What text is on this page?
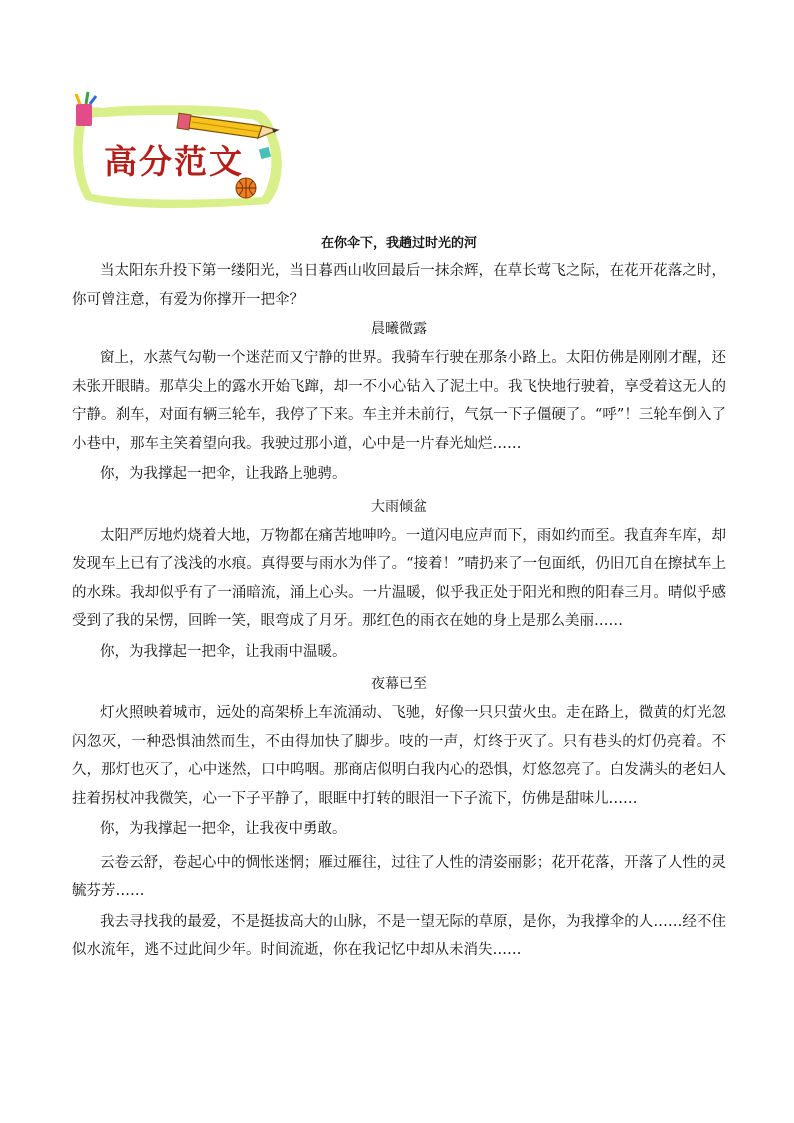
高分范文
在你伞下，我趟过时光的河

当太阳东升投下第一缕阳光，当日暮西山收回最后一抹余辉，在草长莺飞之际，在花开花落之时，你可曾注意，有爱为你撑开一把伞？

晨曦微露

窗上，水蒸气勾勒一个迷茫而又宁静的世界。我骑车行驶在那条小路上。太阳仿佛是刚刚才醒，还未张开眼睛。那草尖上的露水开始飞蹿，却一不小心钻入了泥土中。我飞快地行驶着，享受着这无人的宁静。刹车，对面有辆三轮车，我停了下来。车主并未前行，气氛一下子僵硬了。“呼”！三轮车倒入了小巷中，那车主笑着望向我。我驶过那小道，心中是一片春光灿烂……

你，为我撑起一把伞，让我路上驰骋。

大雨倾盆

太阳严厉地灼烧着大地，万物都在痛苦地呻吟。一道闪电应声而下，雨如约而至。我直奔车库，却发现车上已有了浅浅的水痕。真得要与雨水为伴了。“接着！”晴扔来了一包面纸，仍旧兀自在擦拭车上的水珠。我却似乎有了一涌暗流，涌上心头。一片温暖，似乎我正处于阳光和煦的阳春三月。晴似乎感受到了我的呆愣，回眸一笑，眼弯成了月牙。那红色的雨衣在她的身上是那么美丽……

你，为我撑起一把伞，让我雨中温暖。

夜幕已至

灯火照映着城市，远处的高架桥上车流涌动、飞驰，好像一只只萤火虫。走在路上，微黄的灯光忽闪忽灭，一种恐惧油然而生，不由得加快了脚步。吱的一声，灯终于灭了。只有巷头的灯仍亮着。不久，那灯也灭了，心中迷然，口中呜咽。那商店似明白我内心的恐惧，灯悠忽亮了。白发满头的老妇人拄着拐杖冲我微笑，心一下子平静了，眼眶中打转的眼泪一下子流下，仿佛是甜味儿……

你，为我撑起一把伞，让我夜中勇敢。

云卷云舒，卷起心中的惆怅迷惘；雁过雁往，过往了人性的清姿丽影；花开花落，开落了人性的灵毓芬芳……

我去寻找我的最爱，不是挺拔高大的山脉，不是一望无际的草原，是你，为我撑伞的人……经不住似水流年，逃不过此间少年。时间流逝，你在我记忆中却从未消失……
